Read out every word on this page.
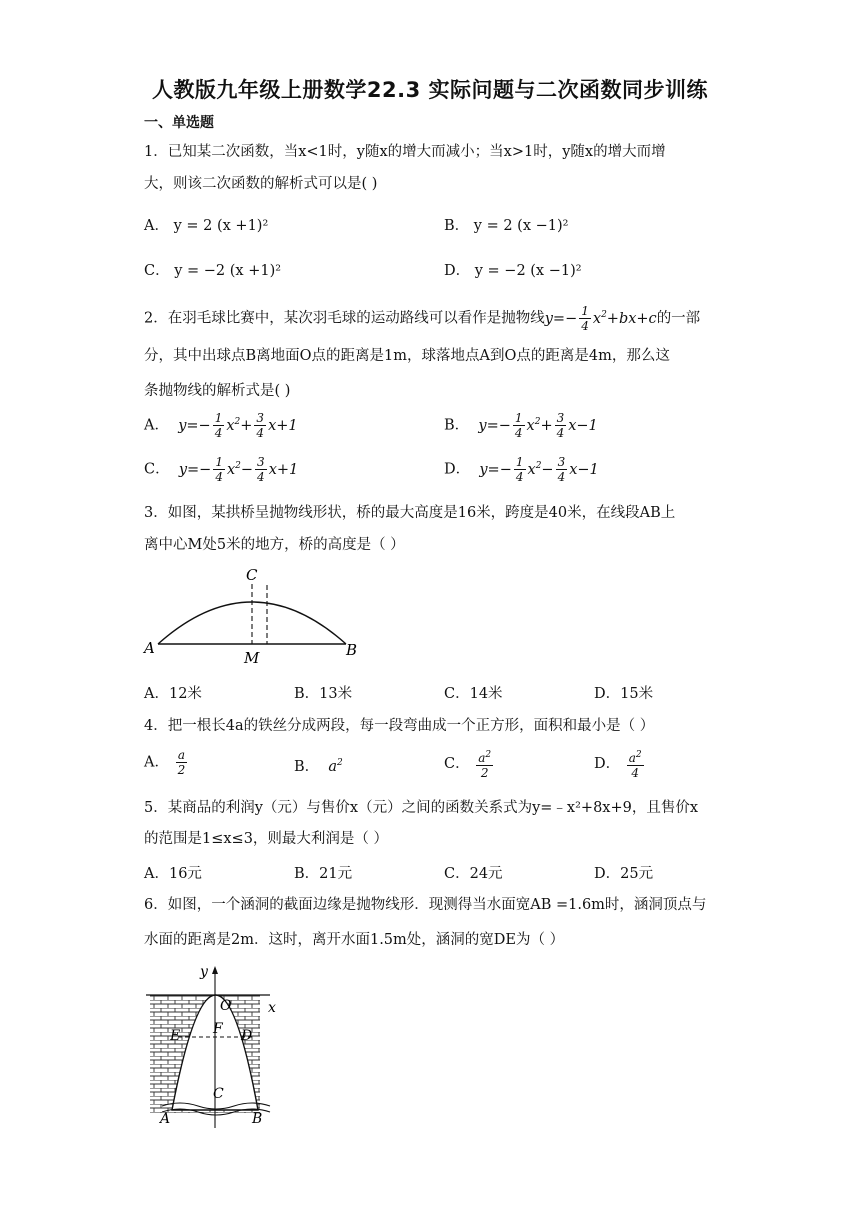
人教版九年级上册数学22.3 实际问题与二次函数同步训练
一、单选题
1．已知某二次函数，当x<1时，y随x的增大而减小；当x>1时，y随x的增大而增
大，则该二次函数的解析式可以是( )
A． y = 2 (x +1)²	B． y = 2 (x −1)²
C． y = −2 (x +1)²	D． y = −2 (x −1)²
2．在羽毛球比赛中，某次羽毛球的运动路线可以看作是抛物线$y=- \frac{1}{4} x^2+bx+c$的一部
分，其中出球点B离地面O点的距离是1m，球落地点A到O点的距离是4m，那么这
条抛物线的解析式是( )
A．  $y=- \frac{1}{4} x^2+ \frac{3}{4} x+1$	B．  $y=- \frac{1}{4} x^2+ \frac{3}{4} x-1$
C．  $y=- \frac{1}{4} x^2- \frac{3}{4} x+1$	D．  $y=- \frac{1}{4} x^2- \frac{3}{4} x-1$
3．如图，某拱桥呈抛物线形状，桥的最大高度是16米，跨度是40米，在线段AB上
离中心M处5米的地方，桥的高度是（ ）
C
A
M	B
A．12米	B．13米	C．14米	D．15米
4．把一根长4a的铁丝分成两段，每一段弯曲成一个正方形，面积和最小是（ ）
A． $\frac{a}{2}$	B．  $a^2$	C． $\frac{a^2}{2}$	D． $\frac{a^2}{4}$
5．某商品的利润y（元）与售价x（元）之间的函数关系式为y=﹣x²+8x+9，且售价x
的范围是1≤x≤3，则最大利润是（ ）
A．16元	B．21元	C．24元	D．25元
6．如图，一个涵洞的截面边缘是抛物线形．现测得当水面宽AB =1.6m时，涵洞顶点与
水面的距离是2m．这时，离开水面1.5m处，涵洞的宽DE为（ ）
y
x
O
E F D
C
A	B
